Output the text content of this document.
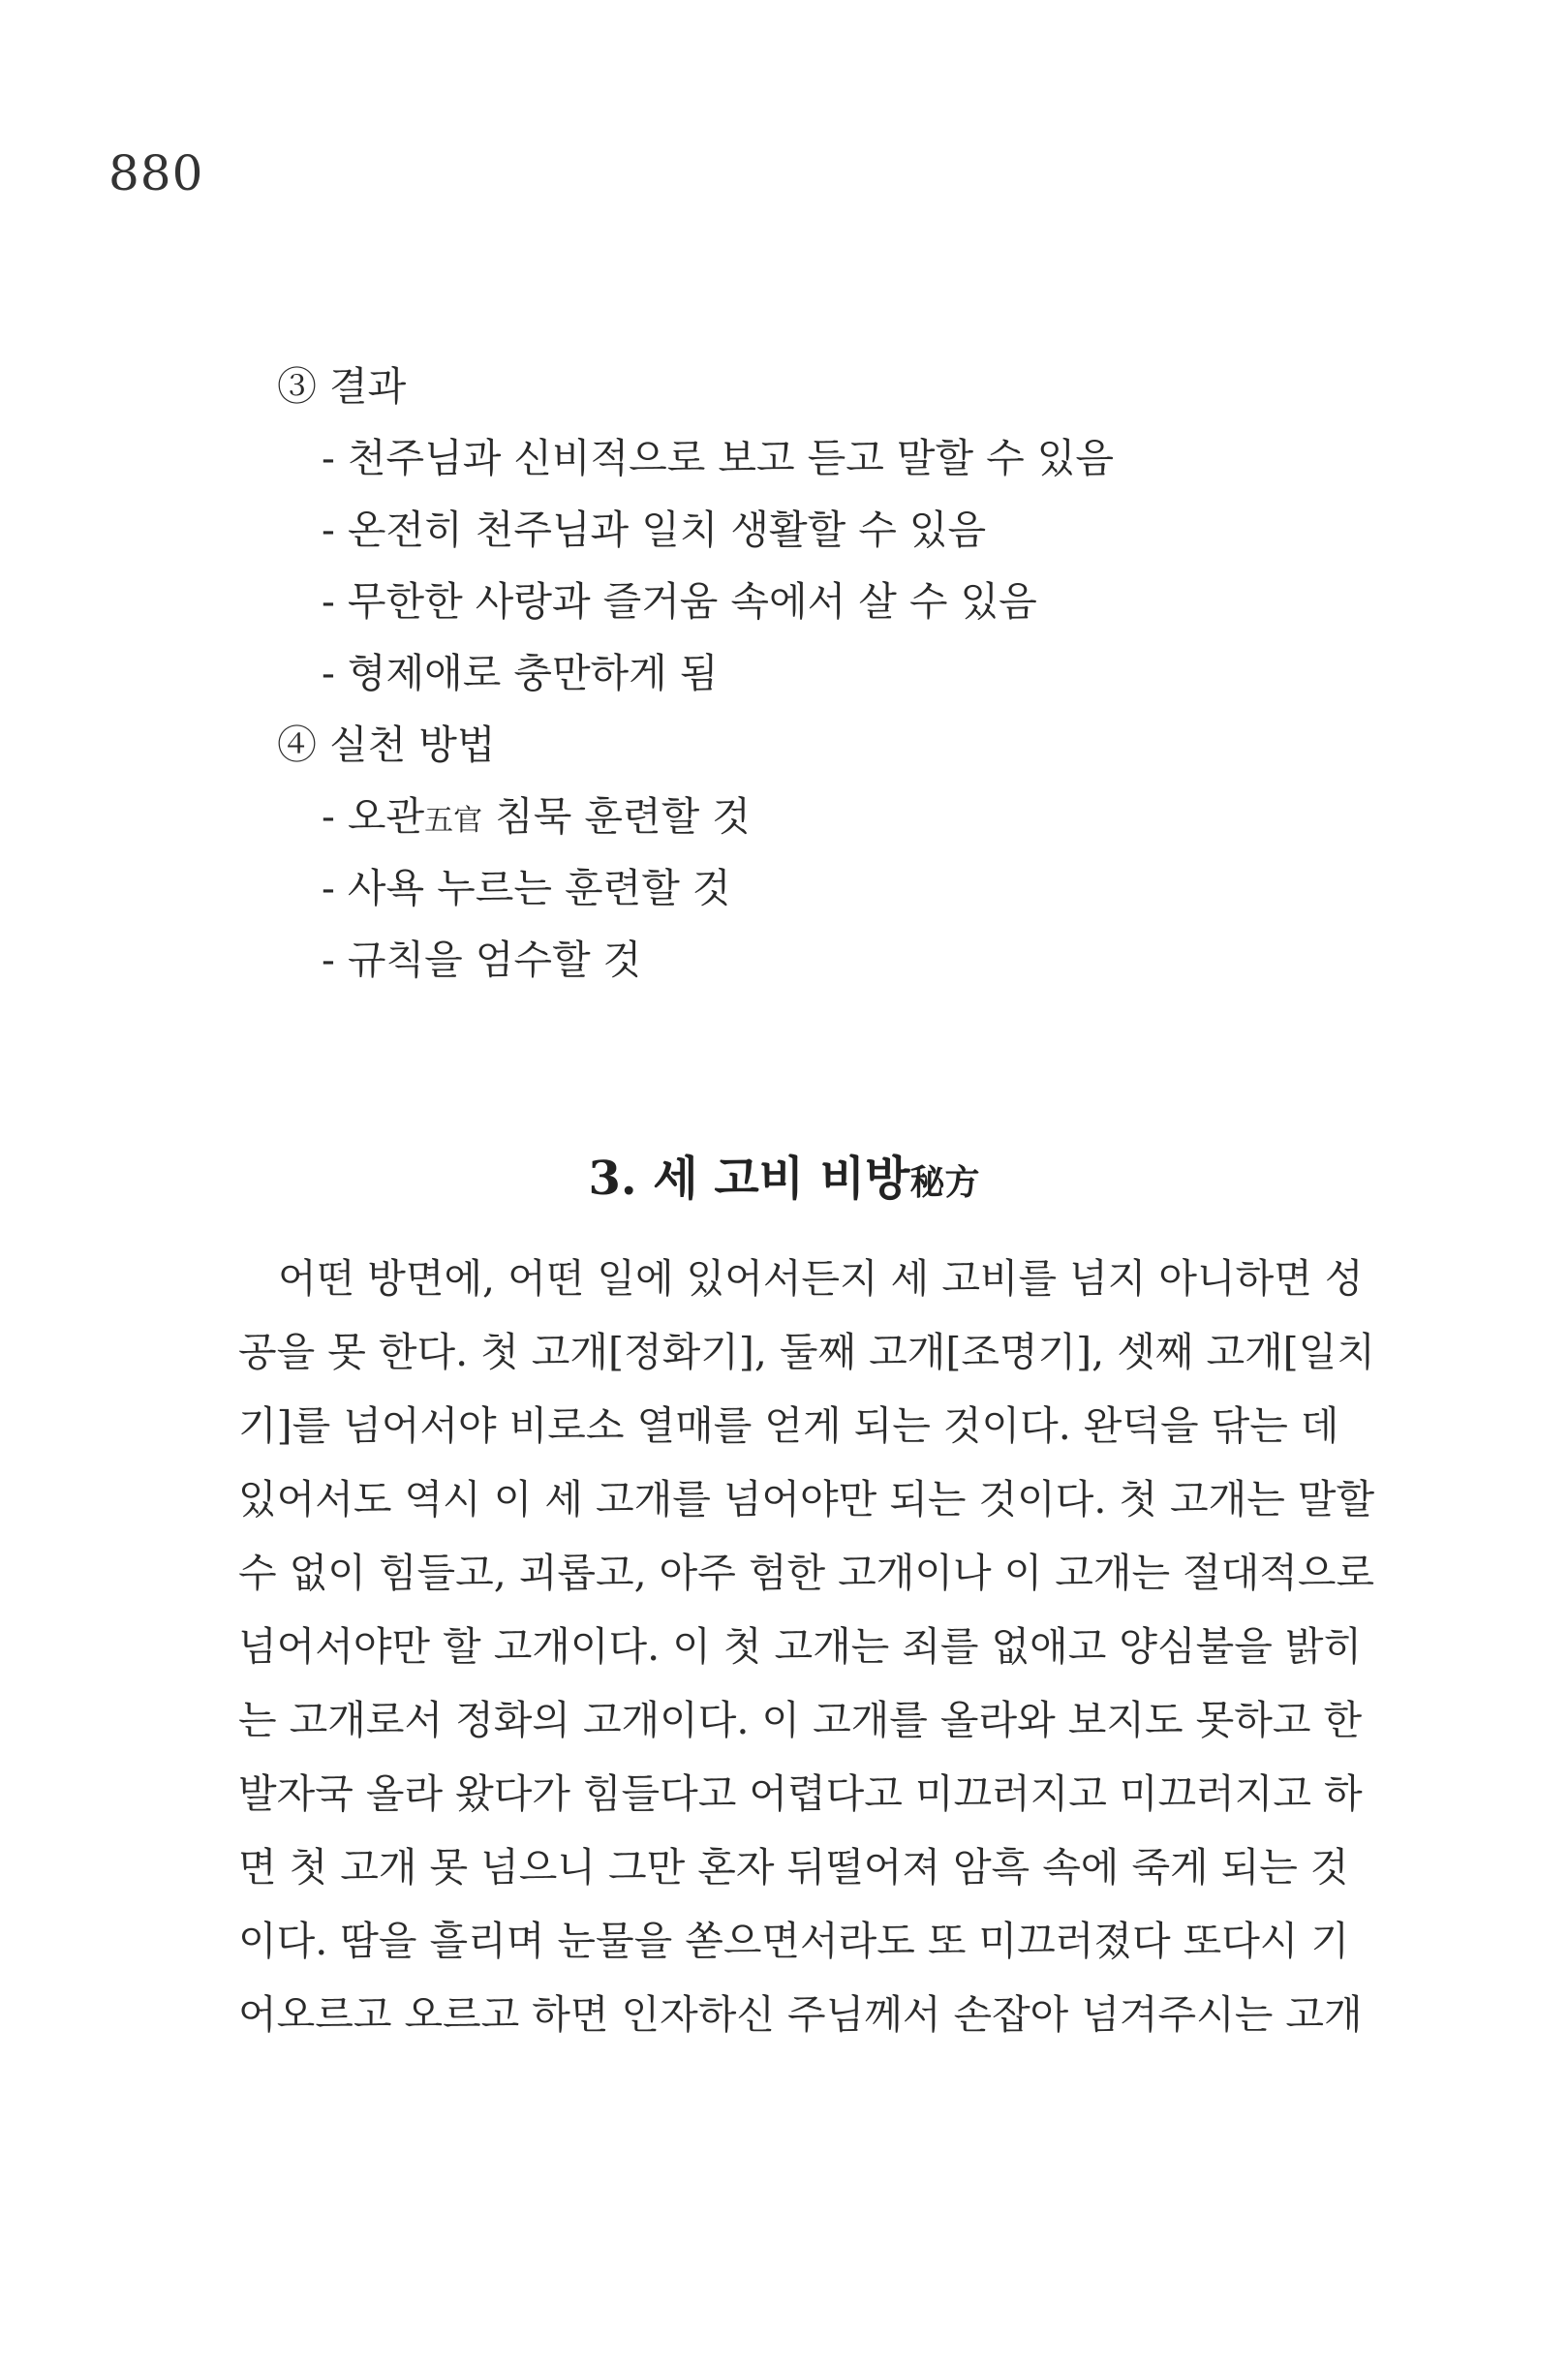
880
③ 결과
- 천주님과 신비적으로 보고 듣고 말할 수 있음
- 온전히 천주님과 일치 생활할 수 있음
- 무한한 사랑과 즐거움 속에서 살 수 있음
- 형제애로 충만하게 됨
④ 실천 방법
- 오관五官 침묵 훈련할 것
- 사욕 누르는 훈련할 것
- 규칙을 엄수할 것
3. 세 고비 비방秘方
　어떤 방면에, 어떤 일에 있어서든지 세 고비를 넘지 아니하면 성
공을 못 한다. 첫 고개[정화기], 둘째 고개[조명기], 셋째 고개[일치
기]를 넘어서야 비로소 열매를 얻게 되는 것이다. 완덕을 닦는 데
있어서도 역시 이 세 고개를 넘어야만 되는 것이다. 첫 고개는 말할
수 없이 힘들고, 괴롭고, 아주 험한 고개이나 이 고개는 절대적으로
넘어서야만 할 고개이다. 이 첫 고개는 죄를 없애고 양심불을 밝히
는 고개로서 정화의 고개이다. 이 고개를 올라와 보지도 못하고 한
발자국 올라 왔다가 힘들다고 어렵다고 미끄러지고 미끄러지고 하
면 첫 고개 못 넘으니 그만 혼자 뒤떨어져 암흑 속에 죽게 되는 것
이다. 땀을 흘리며 눈물을 쏟으면서라도 또 미끄러졌다 또다시 기
어오르고 오르고 하면 인자하신 주님께서 손잡아 넘겨주시는 고개
